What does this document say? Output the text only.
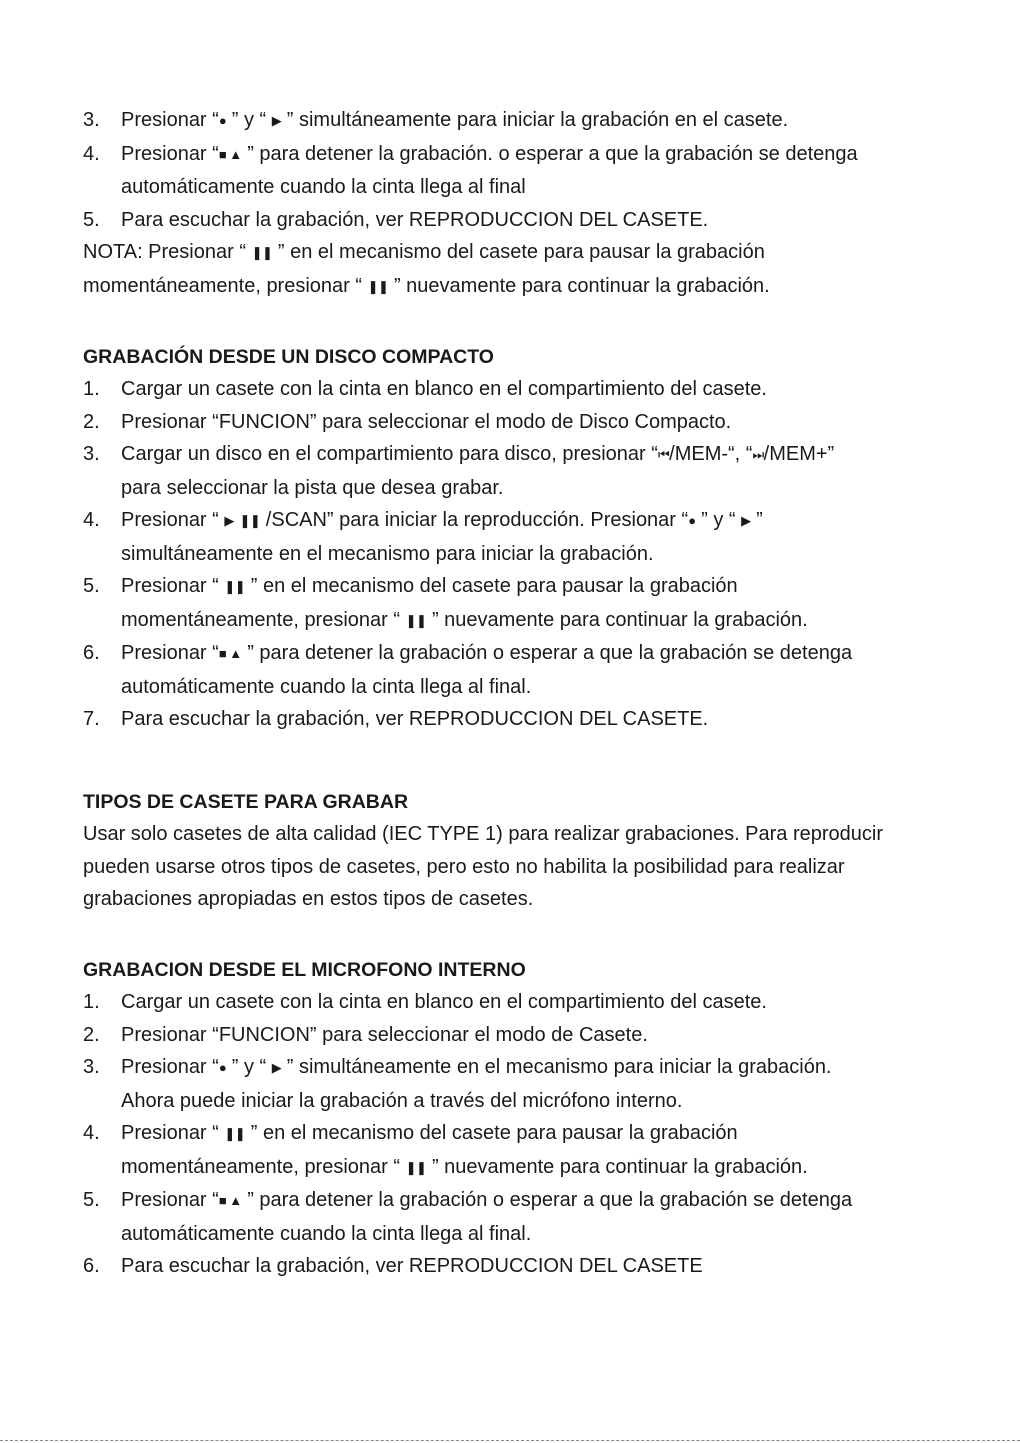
3.	Presionar “● ” y “ ▶ ” simultáneamente para iniciar la grabación en el casete.
4.	Presionar “■ ▲ ” para detener la grabación. o esperar a que la grabación se detenga
automáticamente cuando la cinta llega al final
5.	Para escuchar la grabación, ver REPRODUCCION DEL CASETE.
NOTA: Presionar “ ❚❚ ” en el mecanismo del casete para pausar la grabación
momentáneamente, presionar “ ❚❚ ” nuevamente para continuar la grabación.
GRABACIÓN DESDE UN DISCO COMPACTO
1.	Cargar un casete con la cinta en blanco en el compartimiento del casete.
2.	Presionar “FUNCION” para seleccionar el modo de Disco Compacto.
3.	Cargar un disco en el compartimiento para disco, presionar “⏮/MEM-“, “⏭/MEM+”
para seleccionar la pista que desea grabar.
4.	Presionar “ ▶ ❚❚ /SCAN” para iniciar la reproducción. Presionar “● ” y “ ▶ ”
simultáneamente en el mecanismo para iniciar la grabación.
5.	Presionar “ ❚❚ ” en el mecanismo del casete para pausar la grabación
momentáneamente, presionar “ ❚❚ ” nuevamente para continuar la grabación.
6.	Presionar “■ ▲ ” para detener la grabación o esperar a que la grabación se detenga
automáticamente cuando la cinta llega al final.
7.	Para escuchar la grabación, ver REPRODUCCION DEL CASETE.
TIPOS DE CASETE PARA GRABAR
Usar solo casetes de alta calidad (IEC TYPE 1) para realizar grabaciones. Para reproducir
pueden usarse otros tipos de casetes, pero esto no habilita la posibilidad para realizar
grabaciones apropiadas en estos tipos de casetes.
GRABACION DESDE EL MICROFONO INTERNO
1.	Cargar un casete con la cinta en blanco en el compartimiento del casete.
2.	Presionar “FUNCION” para seleccionar el modo de Casete.
3.	Presionar “● ” y “ ▶ ” simultáneamente en el mecanismo para iniciar la grabación.
Ahora puede iniciar la grabación a través del micrófono interno.
4.	Presionar “ ❚❚ ” en el mecanismo del casete para pausar la grabación
momentáneamente, presionar “ ❚❚ ” nuevamente para continuar la grabación.
5.	Presionar “■ ▲ ” para detener la grabación o esperar a que la grabación se detenga
automáticamente cuando la cinta llega al final.
6.	Para escuchar la grabación, ver REPRODUCCION DEL CASETE
